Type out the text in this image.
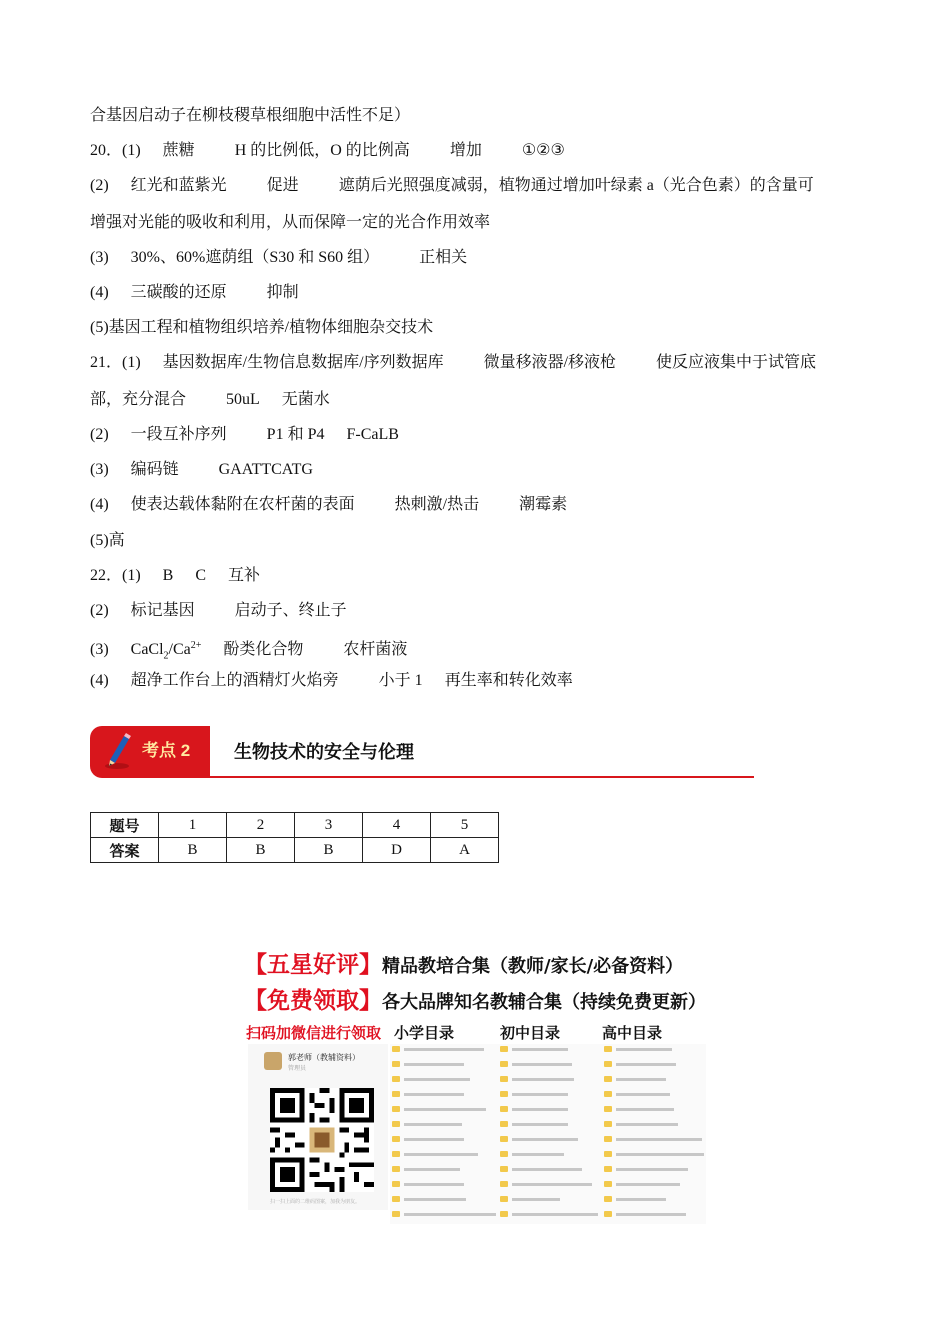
合基因启动子在柳枝稷草根细胞中活性不足）
20．(1) 蔗糖	H 的比例低，O 的比例高	增加	①②③
(2) 红光和蓝紫光	促进	遮荫后光照强度减弱，植物通过增加叶绿素 a（光合色素）的含量可
增强对光能的吸收和利用，从而保障一定的光合作用效率
(3) 30%、60%遮荫组（S30 和 S60 组）	正相关
(4) 三碳酸的还原	抑制
(5)基因工程和植物组织培养/植物体细胞杂交技术
21．(1) 基因数据库/生物信息数据库/序列数据库	微量移液器/移液枪	使反应液集中于试管底
部，充分混合	50uL 无菌水
(2) 一段互补序列	P1 和 P4 F-CaLB
(3) 编码链	GAATTCATG
(4) 使表达载体黏附在农杆菌的表面	热刺激/热击	潮霉素
(5)高
22．(1) B C 互补
(2) 标记基因	启动子、终止子
(3) $CaCl_2/Ca^{2+}$ 酚类化合物	农杆菌液
(4) 超净工作台上的酒精灯火焰旁	小于 1 再生率和转化效率
考点 2 生物技术的安全与伦理
题号	1	2	3	4	5
答案	B	B	B	D	A
【五星好评】精品教培合集（教师/家长/必备资料）
【免费领取】各大品牌知名教辅合集（持续免费更新）
扫码加微信进行领取 小学目录	初中目录	高中目录
郭老师（教辅资料）
管理员
扫一扫上面的二维码图案，加我为朋友。
